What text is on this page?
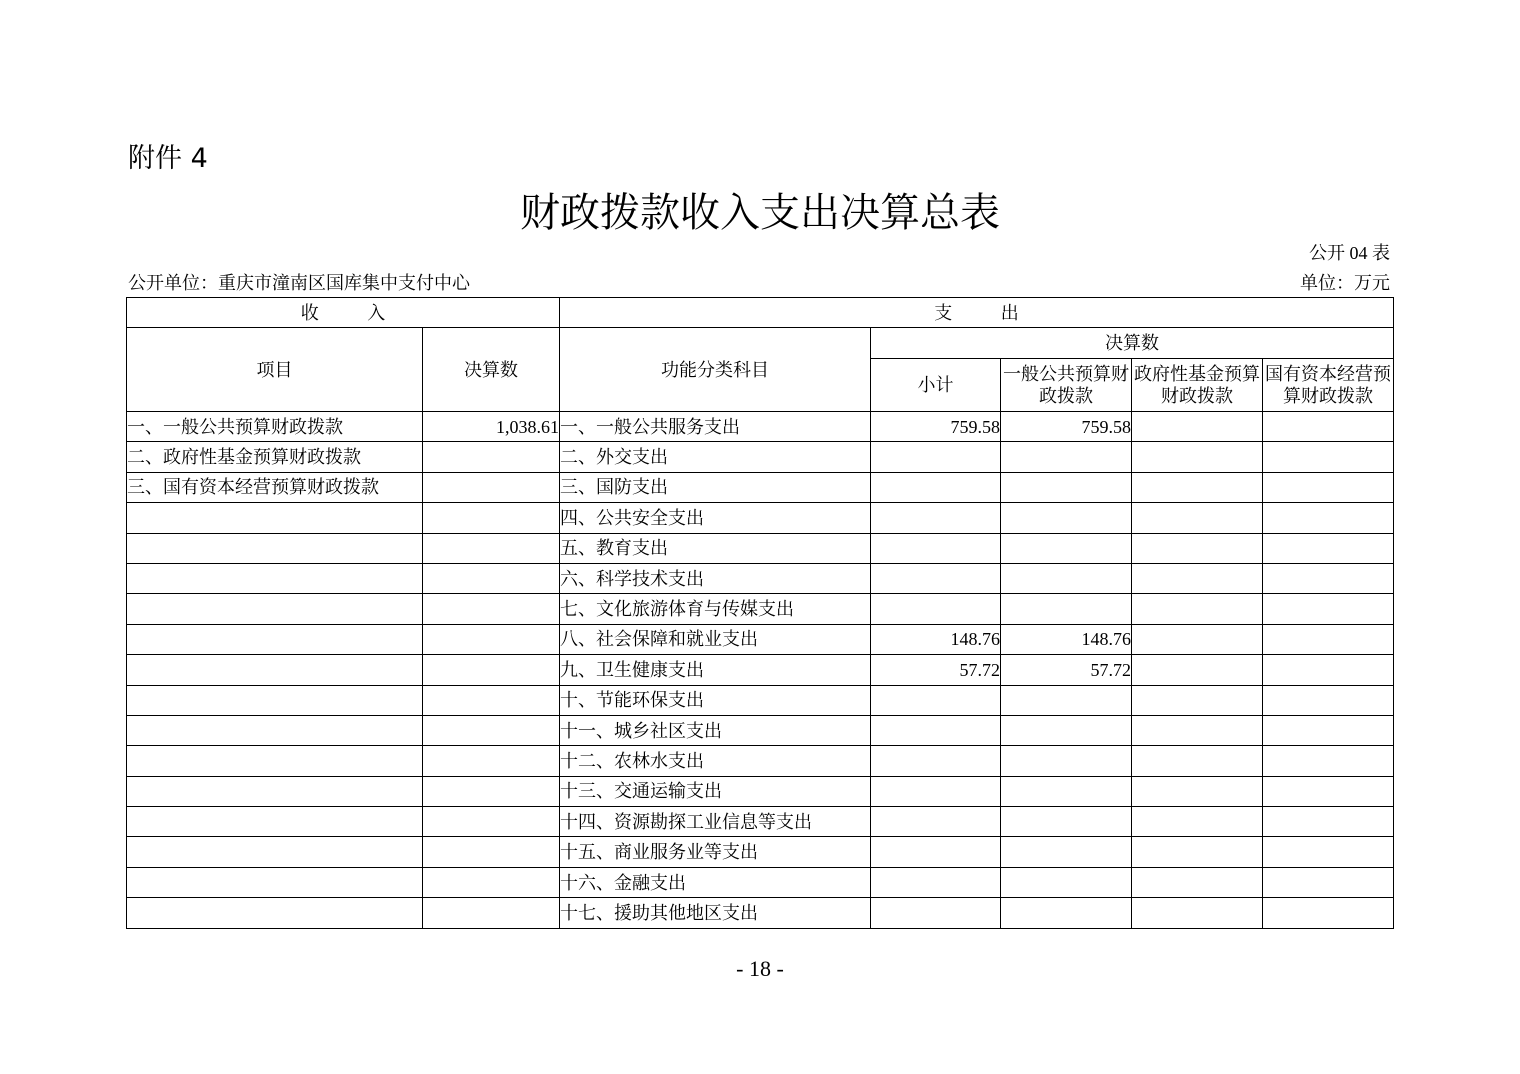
附件 4
财政拨款收入支出决算总表
公开 04 表
公开单位：重庆市潼南区国库集中支付中心	单位：万元
收 入		支 出				
项目	决算数	功能分类科目	决算数			
			小计	一般公共预算财政拨款	政府性基金预算财政拨款	国有资本经营预算财政拨款
一、一般公共预算财政拨款	1,038.61	一、一般公共服务支出	759.58	759.58		
二、政府性基金预算财政拨款		二、外交支出				
三、国有资本经营预算财政拨款		三、国防支出				
		四、公共安全支出				
		五、教育支出				
		六、科学技术支出				
		七、文化旅游体育与传媒支出				
		八、社会保障和就业支出	148.76	148.76		
		九、卫生健康支出	57.72	57.72		
		十、节能环保支出				
		十一、城乡社区支出				
		十二、农林水支出				
		十三、交通运输支出				
		十四、资源勘探工业信息等支出				
		十五、商业服务业等支出				
		十六、金融支出				
		十七、援助其他地区支出				
- 18 -
